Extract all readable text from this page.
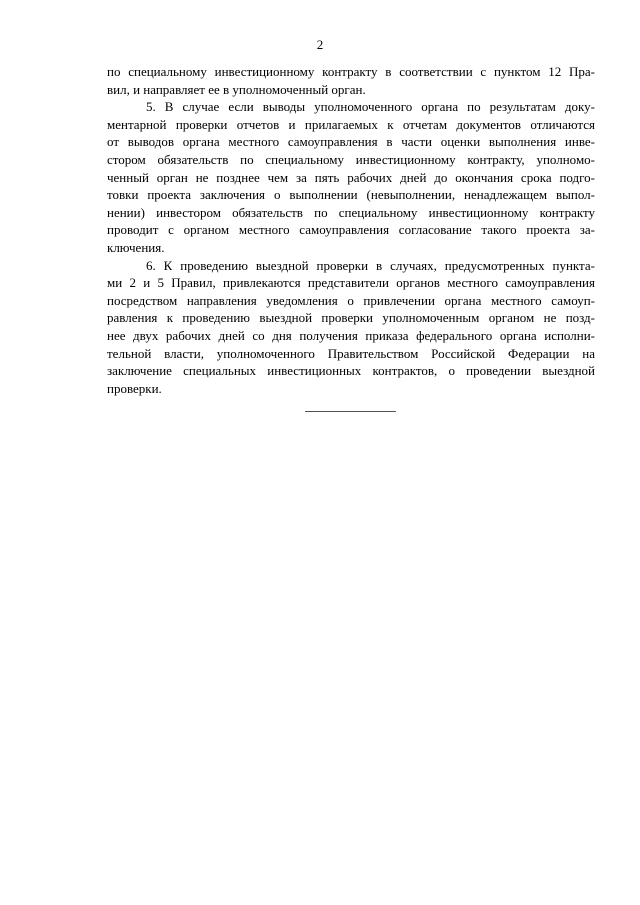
2
по специальному инвестиционному контракту в соответствии с пунктом 12 Пра-
вил, и направляет ее в уполномоченный орган.
5. В случае если выводы уполномоченного органа по результатам доку-
ментарной проверки отчетов и прилагаемых к отчетам документов отличаются
от выводов органа местного самоуправления в части оценки выполнения инве-
стором обязательств по специальному инвестиционному контракту, уполномо-
ченный орган не позднее чем за пять рабочих дней до окончания срока подго-
товки проекта заключения о выполнении (невыполнении, ненадлежащем выпол-
нении) инвестором обязательств по специальному инвестиционному контракту
проводит с органом местного самоуправления согласование такого проекта за-
ключения.
6. К проведению выездной проверки в случаях, предусмотренных пункта-
ми 2 и 5 Правил, привлекаются представители органов местного самоуправления
посредством направления уведомления о привлечении органа местного самоуп-
равления к проведению выездной проверки уполномоченным органом не позд-
нее двух рабочих дней со дня получения приказа федерального органа исполни-
тельной власти, уполномоченного Правительством Российской Федерации на
заключение специальных инвестиционных контрактов, о проведении выездной
проверки.
